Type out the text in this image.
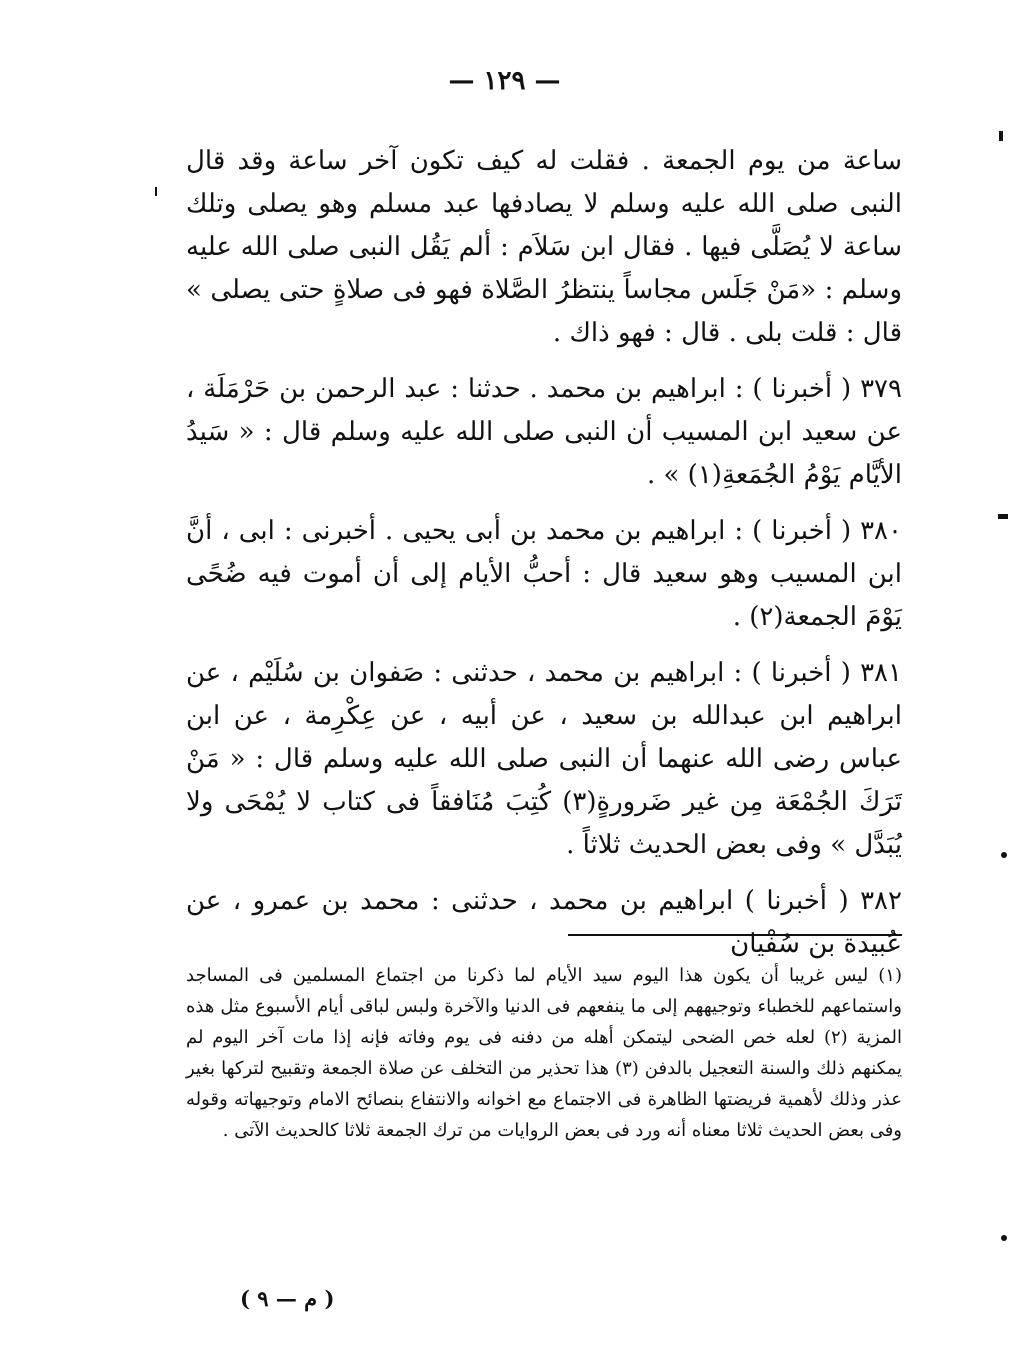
— ١٢٩ —

ساعة من يوم الجمعة . فقلت له كيف تكون آخر ساعة وقد قال النبى صلى الله عليه وسلم لا يصادفها عبد مسلم وهو يصلى وتلك ساعة لا يُصَلَّى فيها . فقال ابن سَلاَم : ألم يَقُل النبى صلى الله عليه وسلم : «مَنْ جَلَس مجاساً ينتظرُ الصَّلاة فهو فى صلاةٍ حتى يصلى » قال : قلت بلى . قال : فهو ذاك .

٣٧٩ ( أخبرنا ) : ابراهيم بن محمد . حدثنا : عبد الرحمن بن حَرْمَلَة ، عن سعيد ابن المسيب أن النبى صلى الله عليه وسلم قال : « سَيدُ الأيَّام يَوْمُ الجُمَعةِ(١) » .

٣٨٠ ( أخبرنا ) : ابراهيم بن محمد بن أبى يحيى . أخبرنى : ابى ، أنَّ ابن المسيب وهو سعيد قال : أحبُّ الأيام إلى أن أموت فيه ضُحًى يَوْمَ الجمعة(٢) .

٣٨١ ( أخبرنا ) : ابراهيم بن محمد ، حدثنى : صَفوان بن سُلَيْم ، عن ابراهيم ابن عبدالله بن سعيد ، عن أبيه ، عن عِكْرِمة ، عن ابن عباس رضى الله عنهما أن النبى صلى الله عليه وسلم قال : « مَنْ تَرَكَ الجُمْعَة مِن غير ضَرورةٍ(٣) كُتِبَ مُنَافقاً فى كتاب لا يُمْحَى ولا يُبَدَّل » وفى بعض الحديث ثلاثاً .

٣٨٢ ( أخبرنا ) ابراهيم بن محمد ، حدثنى : محمد بن عمرو ، عن عُبيدة بن سُفْيان

(١) ليس غريبا أن يكون هذا اليوم سيد الأيام لما ذكرنا من اجتماع المسلمين فى المساجد واستماعهم للخطباء وتوجيههم إلى ما ينفعهم فى الدنيا والآخرة ولبس لباقى أيام الأسبوع مثل هذه المزية (٢) لعله خص الضحى ليتمكن أهله من دفنه فى يوم وفاته فإنه إذا مات آخر اليوم لم يمكنهم ذلك والسنة التعجيل بالدفن (٣) هذا تحذير من التخلف عن صلاة الجمعة وتقبيح لتركها بغير عذر وذلك لأهمية فريضتها الظاهرة فى الاجتماع مع اخوانه والانتفاع بنصائح الامام وتوجيهاته وقوله وفى بعض الحديث ثلاثا معناه أنه ورد فى بعض الروايات من ترك الجمعة ثلاثا كالحديث الآتى .

( م — ٩ )
